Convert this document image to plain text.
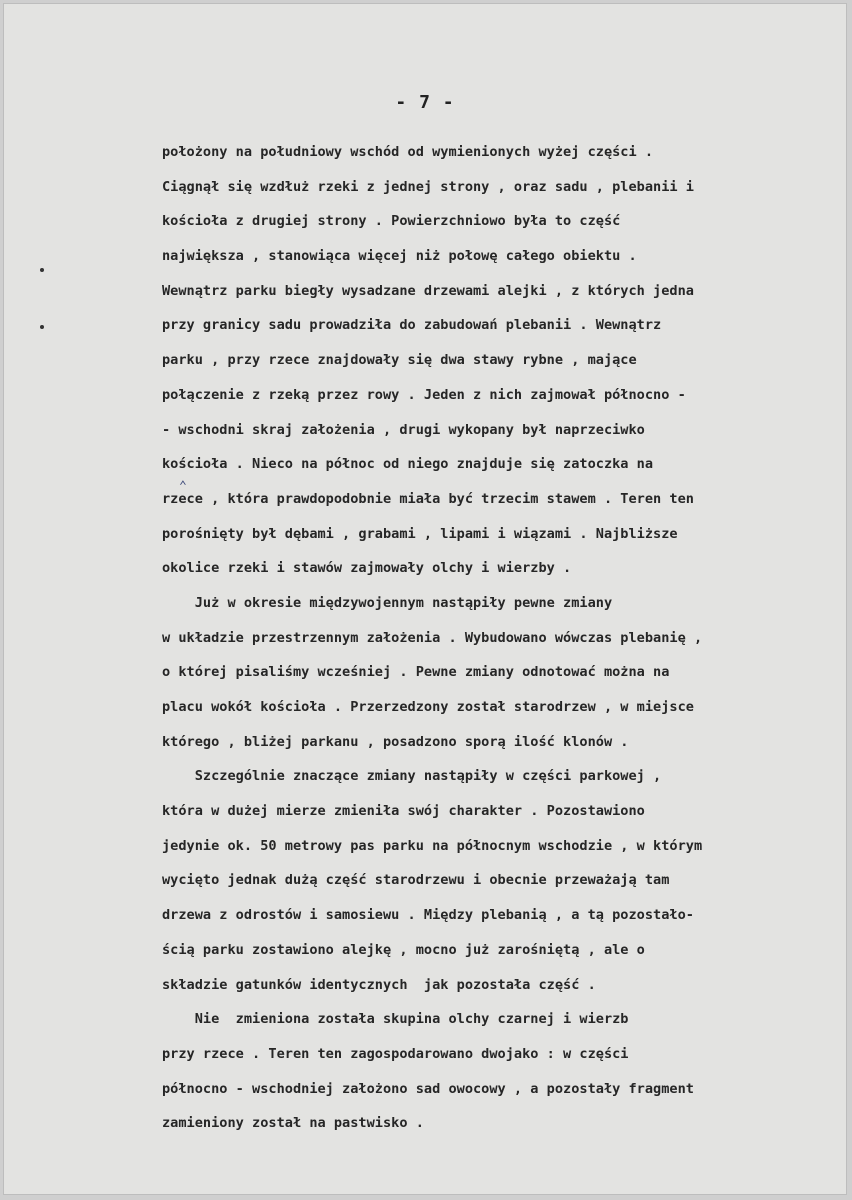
- 7 -
⌃
położony na południowy wschód od wymienionych wyżej części .
Ciągnął się wzdłuż rzeki z jednej strony , oraz sadu , plebanii i
kościoła z drugiej strony . Powierzchniowo była to część
największa , stanowiąca więcej niż połowę całego obiektu .
Wewnątrz parku biegły wysadzane drzewami alejki , z których jedna
przy granicy sadu prowadziła do zabudowań plebanii . Wewnątrz
parku , przy rzece znajdowały się dwa stawy rybne , mające
połączenie z rzeką przez rowy . Jeden z nich zajmował północno -
- wschodni skraj założenia , drugi wykopany był naprzeciwko
kościoła . Nieco na północ od niego znajduje się zatoczka na
rzece , która prawdopodobnie miała być trzecim stawem . Teren ten
porośnięty był dębami , grabami , lipami i wiązami . Najbliższe
okolice rzeki i stawów zajmowały olchy i wierzby .
Już w okresie międzywojennym nastąpiły pewne zmiany
w układzie przestrzennym założenia . Wybudowano wówczas plebanię ,
o której pisaliśmy wcześniej . Pewne zmiany odnotować można na
placu wokół kościoła . Przerzedzony został starodrzew , w miejsce
którego , bliżej parkanu , posadzono sporą ilość klonów .
Szczególnie znaczące zmiany nastąpiły w części parkowej ,
która w dużej mierze zmieniła swój charakter . Pozostawiono
jedynie ok. 50 metrowy pas parku na północnym wschodzie , w którym
wycięto jednak dużą część starodrzewu i obecnie przeważają tam
drzewa z odrostów i samosiewu . Między plebanią , a tą pozostało-
ścią parku zostawiono alejkę , mocno już zarośniętą , ale o
składzie gatunków identycznych  jak pozostała część .
Nie  zmieniona została skupina olchy czarnej i wierzb
przy rzece . Teren ten zagospodarowano dwojako : w części
północno - wschodniej założono sad owocowy , a pozostały fragment
zamieniony został na pastwisko .
